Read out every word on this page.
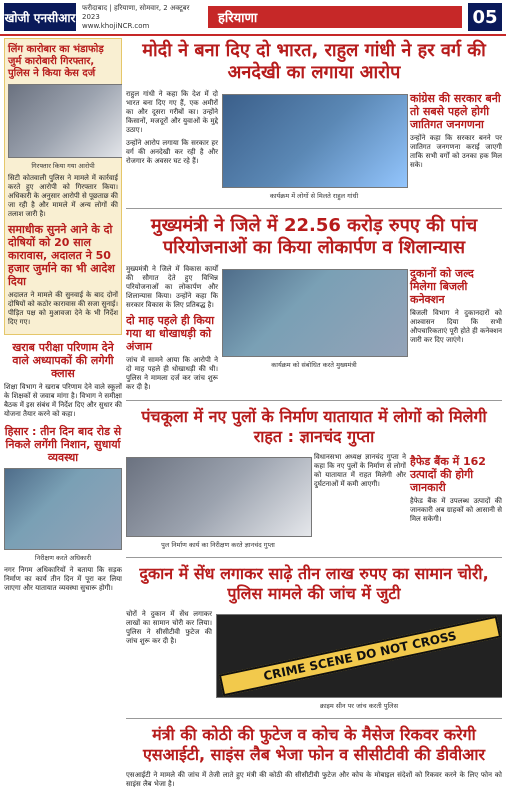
खोजी एनसीआर
फरीदाबाद | हरियाणा, सोमवार, 2 अक्टूबर 2023
www.khojiNCR.com	हरियाणा	05
लिंग कारोबार का भंडाफोड़ जुर्म कारोबारी गिरफ्तार, पुलिस ने किया केस दर्ज
गिरफ्तार किया गया आरोपी
सिटी कोतवाली पुलिस ने मामले में कार्रवाई करते हुए आरोपी को गिरफ्तार किया। अधिकारी के अनुसार आरोपी से पूछताछ की जा रही है और मामले में अन्य लोगों की तलाश जारी है।
समाधीक सुनने आने के दो दोषियों को 20 साल कारावास, अदालत ने 50 हजार जुर्माने का भी आदेश दिया
अदालत ने मामले की सुनवाई के बाद दोनों दोषियों को कठोर कारावास की सजा सुनाई। पीड़ित पक्ष को मुआवजा देने के भी निर्देश दिए गए।
खराब परीक्षा परिणाम देने वाले अध्यापकों की लगेगी क्लास
शिक्षा विभाग ने खराब परिणाम देने वाले स्कूलों के शिक्षकों से जवाब मांगा है। विभाग ने समीक्षा बैठक में इस संबंध में निर्देश दिए और सुधार की योजना तैयार करने को कहा।
हिसार : तीन दिन बाद रोड से निकले लगेंगी निशान, सुधार्या व्यवस्था
निरीक्षण करते अधिकारी
नगर निगम अधिकारियों ने बताया कि सड़क निर्माण का कार्य तीन दिन में पूरा कर लिया जाएगा और यातायात व्यवस्था सुचारू होगी।
मोदी ने बना दिए दो भारत, राहुल गांधी ने हर वर्ग की अनदेखी का लगाया आरोप
राहुल गांधी ने कहा कि देश में दो भारत बना दिए गए हैं, एक अमीरों का और दूसरा गरीबों का। उन्होंने किसानों, मजदूरों और युवाओं के मुद्दे उठाए।
उन्होंने आरोप लगाया कि सरकार हर वर्ग की अनदेखी कर रही है और रोजगार के अवसर घट रहे हैं।
कार्यक्रम में लोगों से मिलते राहुल गांधी
कांग्रेस की सरकार बनी तो सबसे पहले होगी जातिगत जनगणना
उन्होंने कहा कि सरकार बनने पर जातिगत जनगणना कराई जाएगी ताकि सभी वर्गों को उनका हक मिल सके।
मुख्यमंत्री ने जिले में 22.56 करोड़ रुपए की पांच परियोजनाओं का किया लोकार्पण व शिलान्यास
मुख्यमंत्री ने जिले में विकास कार्यों की सौगात देते हुए विभिन्न परियोजनाओं का लोकार्पण और शिलान्यास किया। उन्होंने कहा कि सरकार विकास के लिए प्रतिबद्ध है।
दो माह पहले ही किया गया था धोखाधड़ी को अंजाम
जांच में सामने आया कि आरोपी ने दो माह पहले ही धोखाधड़ी की थी। पुलिस ने मामला दर्ज कर जांच शुरू कर दी है।
कार्यक्रम को संबोधित करते मुख्यमंत्री
दुकानों को जल्द मिलेगा बिजली कनेक्शन
बिजली विभाग ने दुकानदारों को आश्वासन दिया कि सभी औपचारिकताएं पूरी होते ही कनेक्शन जारी कर दिए जाएंगे।
पंचकूला में नए पुलों के निर्माण यातायात में लोगों को मिलेगी राहत : ज्ञानचंद गुप्ता
पुल निर्माण कार्य का निरीक्षण करते ज्ञानचंद गुप्ता
विधानसभा अध्यक्ष ज्ञानचंद गुप्ता ने कहा कि नए पुलों के निर्माण से लोगों को यातायात में राहत मिलेगी और दुर्घटनाओं में कमी आएगी।
हैफेड बैंक में 162 उत्पादों की होगी जानकारी
हैफेड बैंक में उपलब्ध उत्पादों की जानकारी अब ग्राहकों को आसानी से मिल सकेगी।
दुकान में सेंध लगाकर साढ़े तीन लाख रुपए का सामान चोरी, पुलिस मामले की जांच में जुटी
चोरों ने दुकान में सेंध लगाकर लाखों का सामान चोरी कर लिया। पुलिस ने सीसीटीवी फुटेज की जांच शुरू कर दी है।	CRIME SCENE DO NOT CROSS
क्राइम सीन पर जांच करती पुलिस
मंत्री की कोठी की फुटेज व कोच के मैसेज रिकवर करेगी एसआईटी, साइंस लैब भेजा फोन व सीसीटीवी की डीवीआर
एसआईटी ने मामले की जांच में तेजी लाते हुए मंत्री की कोठी की सीसीटीवी फुटेज और कोच के मोबाइल संदेशों को रिकवर करने के लिए फोन को साइंस लैब भेजा है।
